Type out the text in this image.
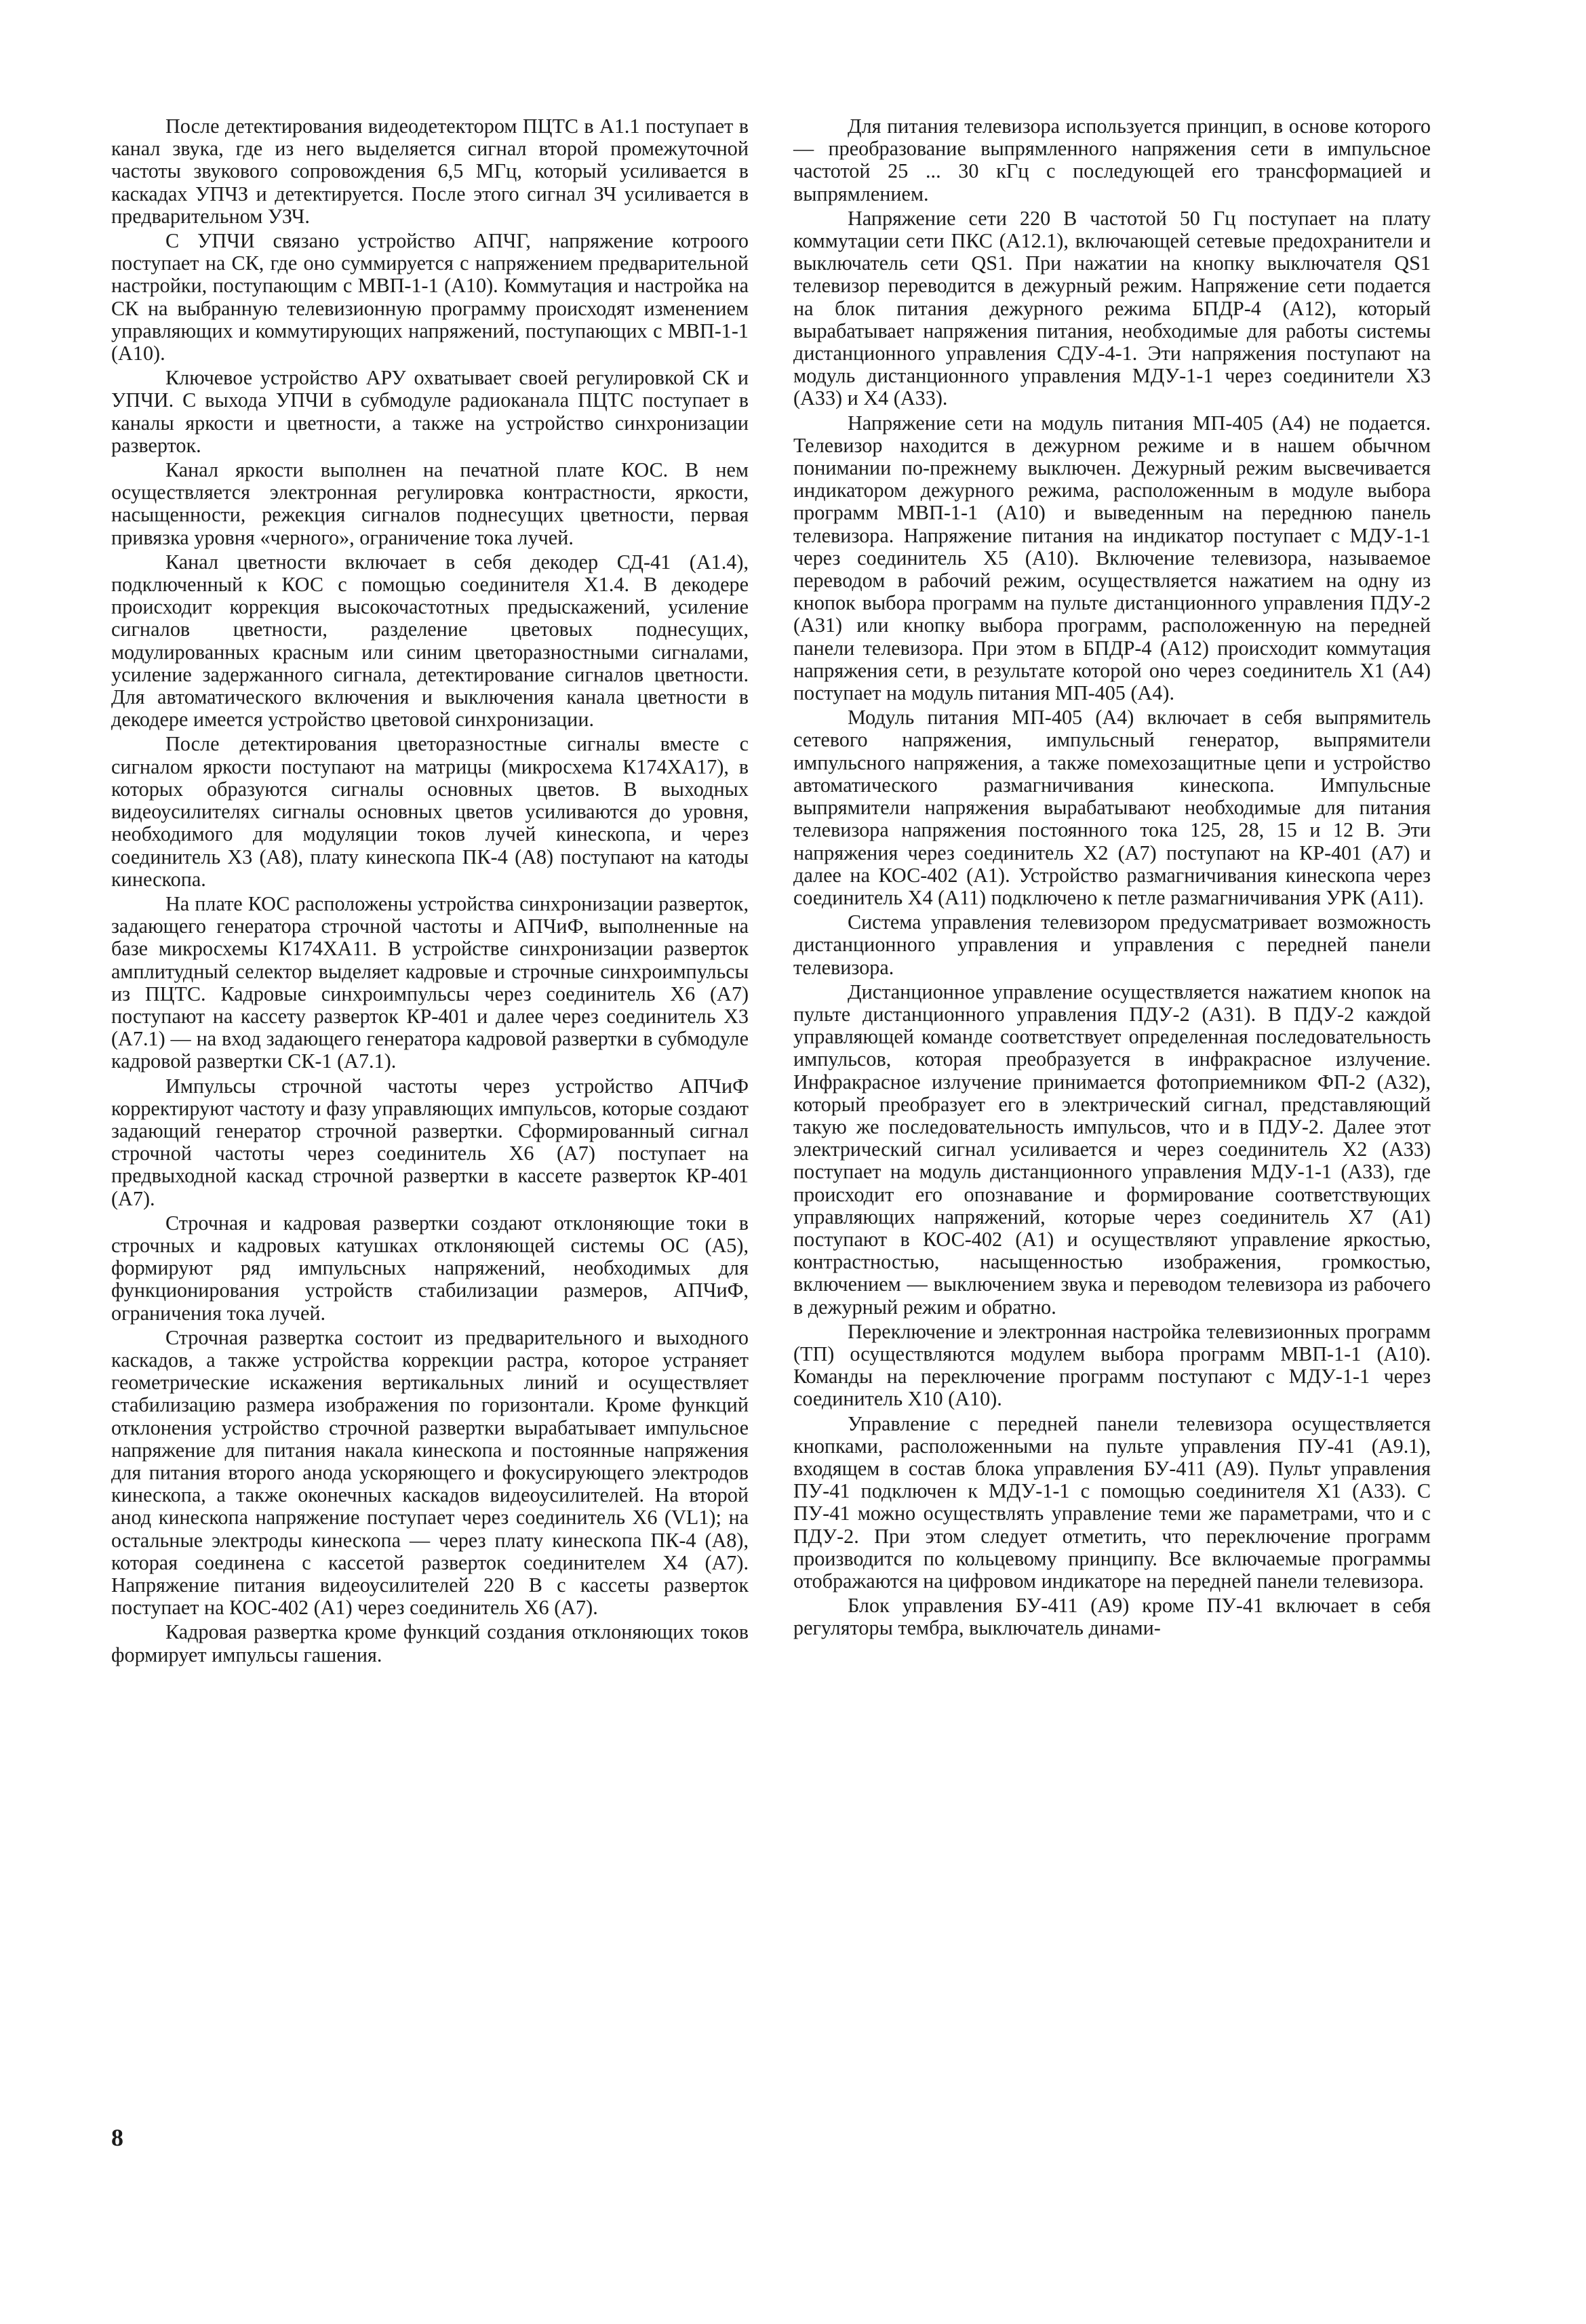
После детектирования видеодетектором ПЦТС в А1.1 поступает в канал звука, где из него выделяется сигнал второй промежуточной частоты звукового сопровождения 6,5 МГц, который усиливается в каскадах УПЧЗ и детектируется. После этого сигнал ЗЧ усиливается в предварительном УЗЧ.

С УПЧИ связано устройство АПЧГ, напряжение котроого поступает на СК, где оно суммируется с напряжением предварительной настройки, поступающим с МВП-1-1 (А10). Коммутация и настройка на СК на выбранную телевизионную программу происходят изменением управляющих и коммутирующих напряжений, поступающих с МВП-1-1 (А10).

Ключевое устройство АРУ охватывает своей регулировкой СК и УПЧИ. С выхода УПЧИ в субмодуле радиоканала ПЦТС поступает в каналы яркости и цветности, а также на устройство синхронизации разверток.

Канал яркости выполнен на печатной плате КОС. В нем осуществляется электронная регулировка контрастности, яркости, насыщенности, режекция сигналов поднесущих цветности, первая привязка уровня «черного», ограничение тока лучей.

Канал цветности включает в себя декодер СД-41 (А1.4), подключенный к КОС с помощью соединителя Х1.4. В декодере происходит коррекция высокочастотных предыскажений, усиление сигналов цветности, разделение цветовых поднесущих, модулированных красным или синим цветоразностными сигналами, усиление задержанного сигнала, детектирование сигналов цветности. Для автоматического включения и выключения канала цветности в декодере имеется устройство цветовой синхронизации.

После детектирования цветоразностные сигналы вместе с сигналом яркости поступают на матрицы (микросхема К174ХА17), в которых образуются сигналы основных цветов. В выходных видеоусилителях сигналы основных цветов усиливаются до уровня, необходимого для модуляции токов лучей кинескопа, и через соединитель Х3 (А8), плату кинескопа ПК-4 (А8) поступают на катоды кинескопа.

На плате КОС расположены устройства синхронизации разверток, задающего генератора строчной частоты и АПЧиФ, выполненные на базе микросхемы К174ХА11. В устройстве синхронизации разверток амплитудный селектор выделяет кадровые и строчные синхроимпульсы из ПЦТС. Кадровые синхроимпульсы через соединитель Х6 (А7) поступают на кассету разверток КР-401 и далее через соединитель Х3 (А7.1) — на вход задающего генератора кадровой развертки в субмодуле кадровой развертки СК-1 (А7.1).

Импульсы строчной частоты через устройство АПЧиФ корректируют частоту и фазу управляющих импульсов, которые создают задающий генератор строчной развертки. Сформированный сигнал строчной частоты через соединитель Х6 (А7) поступает на предвыходной каскад строчной развертки в кассете разверток КР-401 (А7).

Строчная и кадровая развертки создают отклоняющие токи в строчных и кадровых катушках отклоняющей системы ОС (А5), формируют ряд импульсных напряжений, необходимых для функционирования устройств стабилизации размеров, АПЧиФ, ограничения тока лучей.

Строчная развертка состоит из предварительного и выходного каскадов, а также устройства коррекции растра, которое устраняет геометрические искажения вертикальных линий и осуществляет стабилизацию размера изображения по горизонтали. Кроме функций отклонения устройство строчной развертки вырабатывает импульсное напряжение для питания накала кинескопа и постоянные напряжения для питания второго анода ускоряющего и фокусирующего электродов кинескопа, а также оконечных каскадов видеоусилителей. На второй анод кинескопа напряжение поступает через соединитель Х6 (VL1); на остальные электроды кинескопа — через плату кинескопа ПК-4 (А8), которая соединена с кассетой разверток соединителем Х4 (А7). Напряжение питания видеоусилителей 220 В с кассеты разверток поступает на КОС-402 (А1) через соединитель Х6 (А7).

Кадровая развертка кроме функций создания отклоняющих токов формирует импульсы гашения.

Для питания телевизора используется принцип, в основе которого — преобразование выпрямленного напряжения сети в импульсное частотой 25 ... 30 кГц с последующей его трансформацией и выпрямлением.

Напряжение сети 220 В частотой 50 Гц поступает на плату коммутации сети ПКС (А12.1), включающей сетевые предохранители и выключатель сети QS1. При нажатии на кнопку выключателя QS1 телевизор переводится в дежурный режим. Напряжение сети подается на блок питания дежурного режима БПДР-4 (А12), который вырабатывает напряжения питания, необходимые для работы системы дистанционного управления СДУ-4-1. Эти напряжения поступают на модуль дистанционного управления МДУ-1-1 через соединители Х3 (А33) и Х4 (А33).

Напряжение сети на модуль питания МП-405 (А4) не подается. Телевизор находится в дежурном режиме и в нашем обычном понимании по-прежнему выключен. Дежурный режим высвечивается индикатором дежурного режима, расположенным в модуле выбора программ МВП-1-1 (А10) и выведенным на переднюю панель телевизора. Напряжение питания на индикатор поступает с МДУ-1-1 через соединитель Х5 (А10). Включение телевизора, называемое переводом в рабочий режим, осуществляется нажатием на одну из кнопок выбора программ на пульте дистанционного управления ПДУ-2 (А31) или кнопку выбора программ, расположенную на передней панели телевизора. При этом в БПДР-4 (А12) происходит коммутация напряжения сети, в результате которой оно через соединитель Х1 (А4) поступает на модуль питания МП-405 (А4).

Модуль питания МП-405 (А4) включает в себя выпрямитель сетевого напряжения, импульсный генератор, выпрямители импульсного напряжения, а также помехозащитные цепи и устройство автоматического размагничивания кинескопа. Импульсные выпрямители напряжения вырабатывают необходимые для питания телевизора напряжения постоянного тока 125, 28, 15 и 12 В. Эти напряжения через соединитель Х2 (А7) поступают на КР-401 (А7) и далее на КОС-402 (А1). Устройство размагничивания кинескопа через соединитель Х4 (А11) подключено к петле размагничивания УРК (А11).

Система управления телевизором предусматривает возможность дистанционного управления и управления с передней панели телевизора.

Дистанционное управление осуществляется нажатием кнопок на пульте дистанционного управления ПДУ-2 (А31). В ПДУ-2 каждой управляющей команде соответствует определенная последовательность импульсов, которая преобразуется в инфракрасное излучение. Инфракрасное излучение принимается фотоприемником ФП-2 (А32), который преобразует его в электрический сигнал, представляющий такую же последовательность импульсов, что и в ПДУ-2. Далее этот электрический сигнал усиливается и через соединитель Х2 (А33) поступает на модуль дистанционного управления МДУ-1-1 (А33), где происходит его опознавание и формирование соответствующих управляющих напряжений, которые через соединитель Х7 (А1) поступают в КОС-402 (А1) и осуществляют управление яркостью, контрастностью, насыщенностью изображения, громкостью, включением — выключением звука и переводом телевизора из рабочего в дежурный режим и обратно.

Переключение и электронная настройка телевизионных программ (ТП) осуществляются модулем выбора программ МВП-1-1 (А10). Команды на переключение программ поступают с МДУ-1-1 через соединитель Х10 (А10).

Управление с передней панели телевизора осуществляется кнопками, расположенными на пульте управления ПУ-41 (А9.1), входящем в состав блока управления БУ-411 (А9). Пульт управления ПУ-41 подключен к МДУ-1-1 с помощью соединителя Х1 (А33). С ПУ-41 можно осуществлять управление теми же параметрами, что и с ПДУ-2. При этом следует отметить, что переключение программ производится по кольцевому принципу. Все включаемые программы отображаются на цифровом индикаторе на передней панели телевизора.

Блок управления БУ-411 (А9) кроме ПУ-41 включает в себя регуляторы тембра, выключатель динами-

8
